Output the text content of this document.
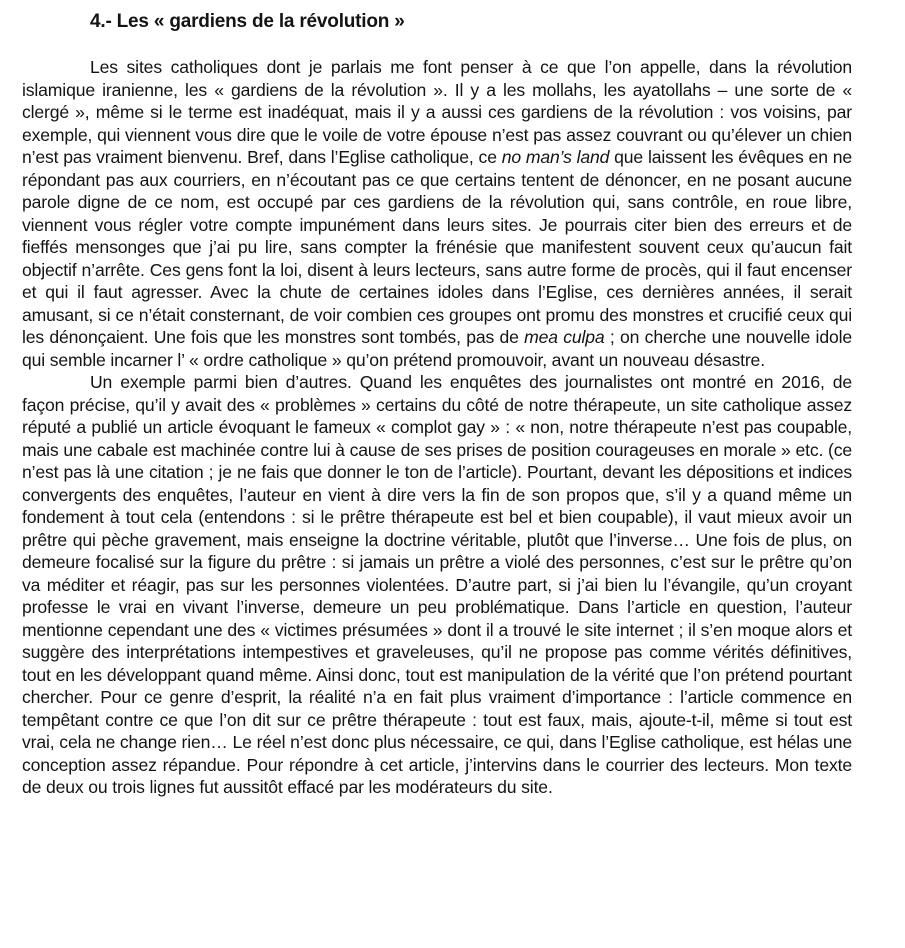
4.- Les « gardiens de la révolution »

Les sites catholiques dont je parlais me font penser à ce que l’on appelle, dans la révolution islamique iranienne, les « gardiens de la révolution ». Il y a les mollahs, les ayatollahs – une sorte de « clergé », même si le terme est inadéquat, mais il y a aussi ces gardiens de la révolution : vos voisins, par exemple, qui viennent vous dire que le voile de votre épouse n’est pas assez couvrant ou qu’élever un chien n’est pas vraiment bienvenu. Bref, dans l’Eglise catholique, ce no man’s land que laissent les évêques en ne répondant pas aux courriers, en n’écoutant pas ce que certains tentent de dénoncer, en ne posant aucune parole digne de ce nom, est occupé par ces gardiens de la révolution qui, sans contrôle, en roue libre, viennent vous régler votre compte impunément dans leurs sites. Je pourrais citer bien des erreurs et de fieffés mensonges que j’ai pu lire, sans compter la frénésie que manifestent souvent ceux qu’aucun fait objectif n’arrête. Ces gens font la loi, disent à leurs lecteurs, sans autre forme de procès, qui il faut encenser et qui il faut agresser. Avec la chute de certaines idoles dans l’Eglise, ces dernières années, il serait amusant, si ce n’était consternant, de voir combien ces groupes ont promu des monstres et crucifié ceux qui les dénonçaient. Une fois que les monstres sont tombés, pas de mea culpa ; on cherche une nouvelle idole qui semble incarner l’ « ordre catholique » qu’on prétend promouvoir, avant un nouveau désastre.

Un exemple parmi bien d’autres. Quand les enquêtes des journalistes ont montré en 2016, de façon précise, qu’il y avait des « problèmes » certains du côté de notre thérapeute, un site catholique assez réputé a publié un article évoquant le fameux « complot gay » : « non, notre thérapeute n’est pas coupable, mais une cabale est machinée contre lui à cause de ses prises de position courageuses en morale » etc. (ce n’est pas là une citation ; je ne fais que donner le ton de l’article). Pourtant, devant les dépositions et indices convergents des enquêtes, l’auteur en vient à dire vers la fin de son propos que, s’il y a quand même un fondement à tout cela (entendons : si le prêtre thérapeute est bel et bien coupable), il vaut mieux avoir un prêtre qui pèche gravement, mais enseigne la doctrine véritable, plutôt que l’inverse… Une fois de plus, on demeure focalisé sur la figure du prêtre : si jamais un prêtre a violé des personnes, c’est sur le prêtre qu’on va méditer et réagir, pas sur les personnes violentées. D’autre part, si j’ai bien lu l’évangile, qu’un croyant professe le vrai en vivant l’inverse, demeure un peu problématique. Dans l’article en question, l’auteur mentionne cependant une des « victimes présumées » dont il a trouvé le site internet ; il s’en moque alors et suggère des interprétations intempestives et graveleuses, qu’il ne propose pas comme vérités définitives, tout en les développant quand même. Ainsi donc, tout est manipulation de la vérité que l’on prétend pourtant chercher. Pour ce genre d’esprit, la réalité n’a en fait plus vraiment d’importance : l’article commence en tempêtant contre ce que l’on dit sur ce prêtre thérapeute : tout est faux, mais, ajoute-t-il, même si tout est vrai, cela ne change rien… Le réel n’est donc plus nécessaire, ce qui, dans l’Eglise catholique, est hélas une conception assez répandue. Pour répondre à cet article, j’intervins dans le courrier des lecteurs. Mon texte de deux ou trois lignes fut aussitôt effacé par les modérateurs du site.
